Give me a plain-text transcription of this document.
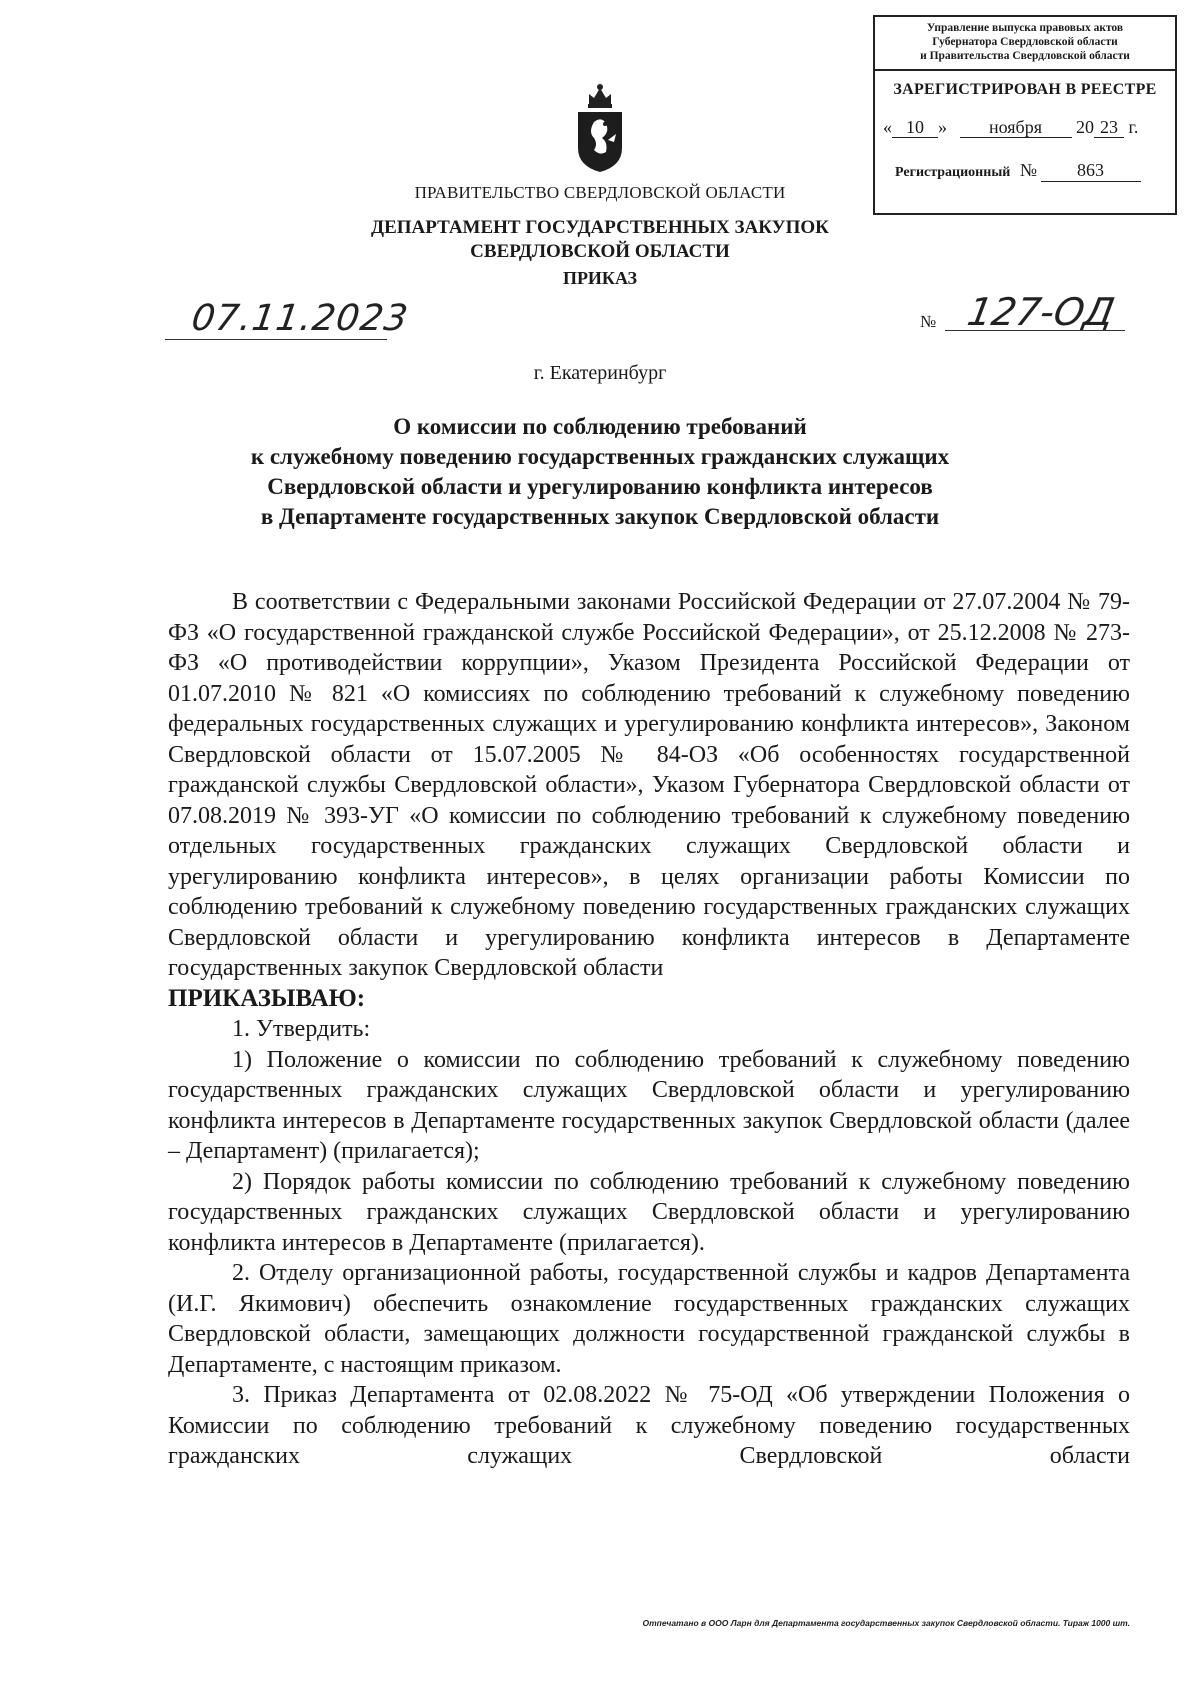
Управление выпуска правовых актов
Губернатора Свердловской области
и Правительства Свердловской области
ЗАРЕГИСТРИРОВАН В РЕЕСТРЕ
« 10 » ноября 20 23 г.
Регистрационный № 863
ПРАВИТЕЛЬСТВО СВЕРДЛОВСКОЙ ОБЛАСТИ
ДЕПАРТАМЕНТ ГОСУДАРСТВЕННЫХ ЗАКУПОК
СВЕРДЛОВСКОЙ ОБЛАСТИ
ПРИКАЗ
07.11.2023	№ 127-ОД
г. Екатеринбург
О комиссии по соблюдению требований
к служебному поведению государственных гражданских служащих
Свердловской области и урегулированию конфликта интересов
в Департаменте государственных закупок Свердловской области

В соответствии с Федеральными законами Российской Федерации от 27.07.2004 № 79-ФЗ «О государственной гражданской службе Российской Федерации», от 25.12.2008 № 273-ФЗ «О противодействии коррупции», Указом Президента Российской Федерации от 01.07.2010 № 821 «О комиссиях по соблюдению требований к служебному поведению федеральных государственных служащих и урегулированию конфликта интересов», Законом Свердловской области от 15.07.2005 № 84-ОЗ «Об особенностях государственной гражданской службы Свердловской области», Указом Губернатора Свердловской области от 07.08.2019 № 393-УГ «О комиссии по соблюдению требований к служебному поведению отдельных государственных гражданских служащих Свердловской области и урегулированию конфликта интересов», в целях организации работы Комиссии по соблюдению требований к служебному поведению государственных гражданских служащих Свердловской области и урегулированию конфликта интересов в Департаменте государственных закупок Свердловской области

ПРИКАЗЫВАЮ:

1. Утвердить:

1) Положение о комиссии по соблюдению требований к служебному поведению государственных гражданских служащих Свердловской области и урегулированию конфликта интересов в Департаменте государственных закупок Свердловской области (далее – Департамент) (прилагается);

2) Порядок работы комиссии по соблюдению требований к служебному поведению государственных гражданских служащих Свердловской области и урегулированию конфликта интересов в Департаменте (прилагается).

2. Отделу организационной работы, государственной службы и кадров Департамента (И.Г. Якимович) обеспечить ознакомление государственных гражданских служащих Свердловской области, замещающих должности государственной гражданской службы в Департаменте, с настоящим приказом.

3. Приказ Департамента от 02.08.2022 № 75-ОД «Об утверждении Положения о Комиссии по соблюдению требований к служебному поведению государственных гражданских служащих Свердловской области

Отпечатано в ООО Ларн для Департамента государственных закупок Свердловской области. Тираж 1000 шт.
